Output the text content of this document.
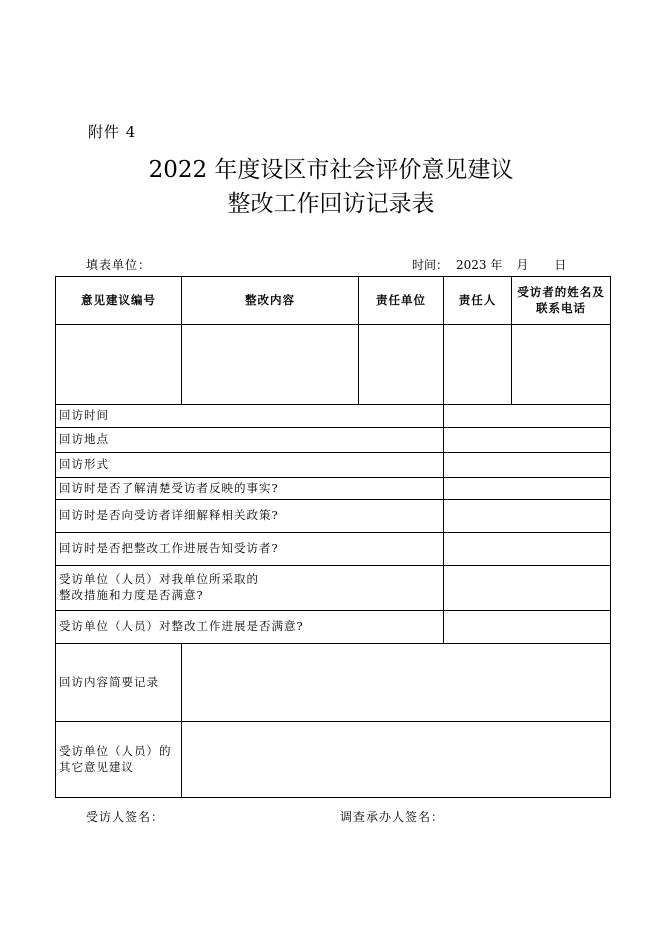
附件 4
2022 年度设区市社会评价意见建议
整改工作回访记录表
填表单位：	时间： 2023 年 月 日
意见建议编号	整改内容	责任单位	责任人	受访者的姓名及
联系电话

回访时间				
回访地点				
回访形式				
回访时是否了解清楚受访者反映的事实?				
回访时是否向受访者详细解释相关政策?				
回访时是否把整改工作进展告知受访者?				

受访单位（人员）对我单位所采取的
整改措施和力度是否满意?				

受访单位（人员）对整改工作进展是否满意?				
回访内容简要记录				

受访单位（人员）的
其它意见建议				

受访人签名：	调查承办人签名：
